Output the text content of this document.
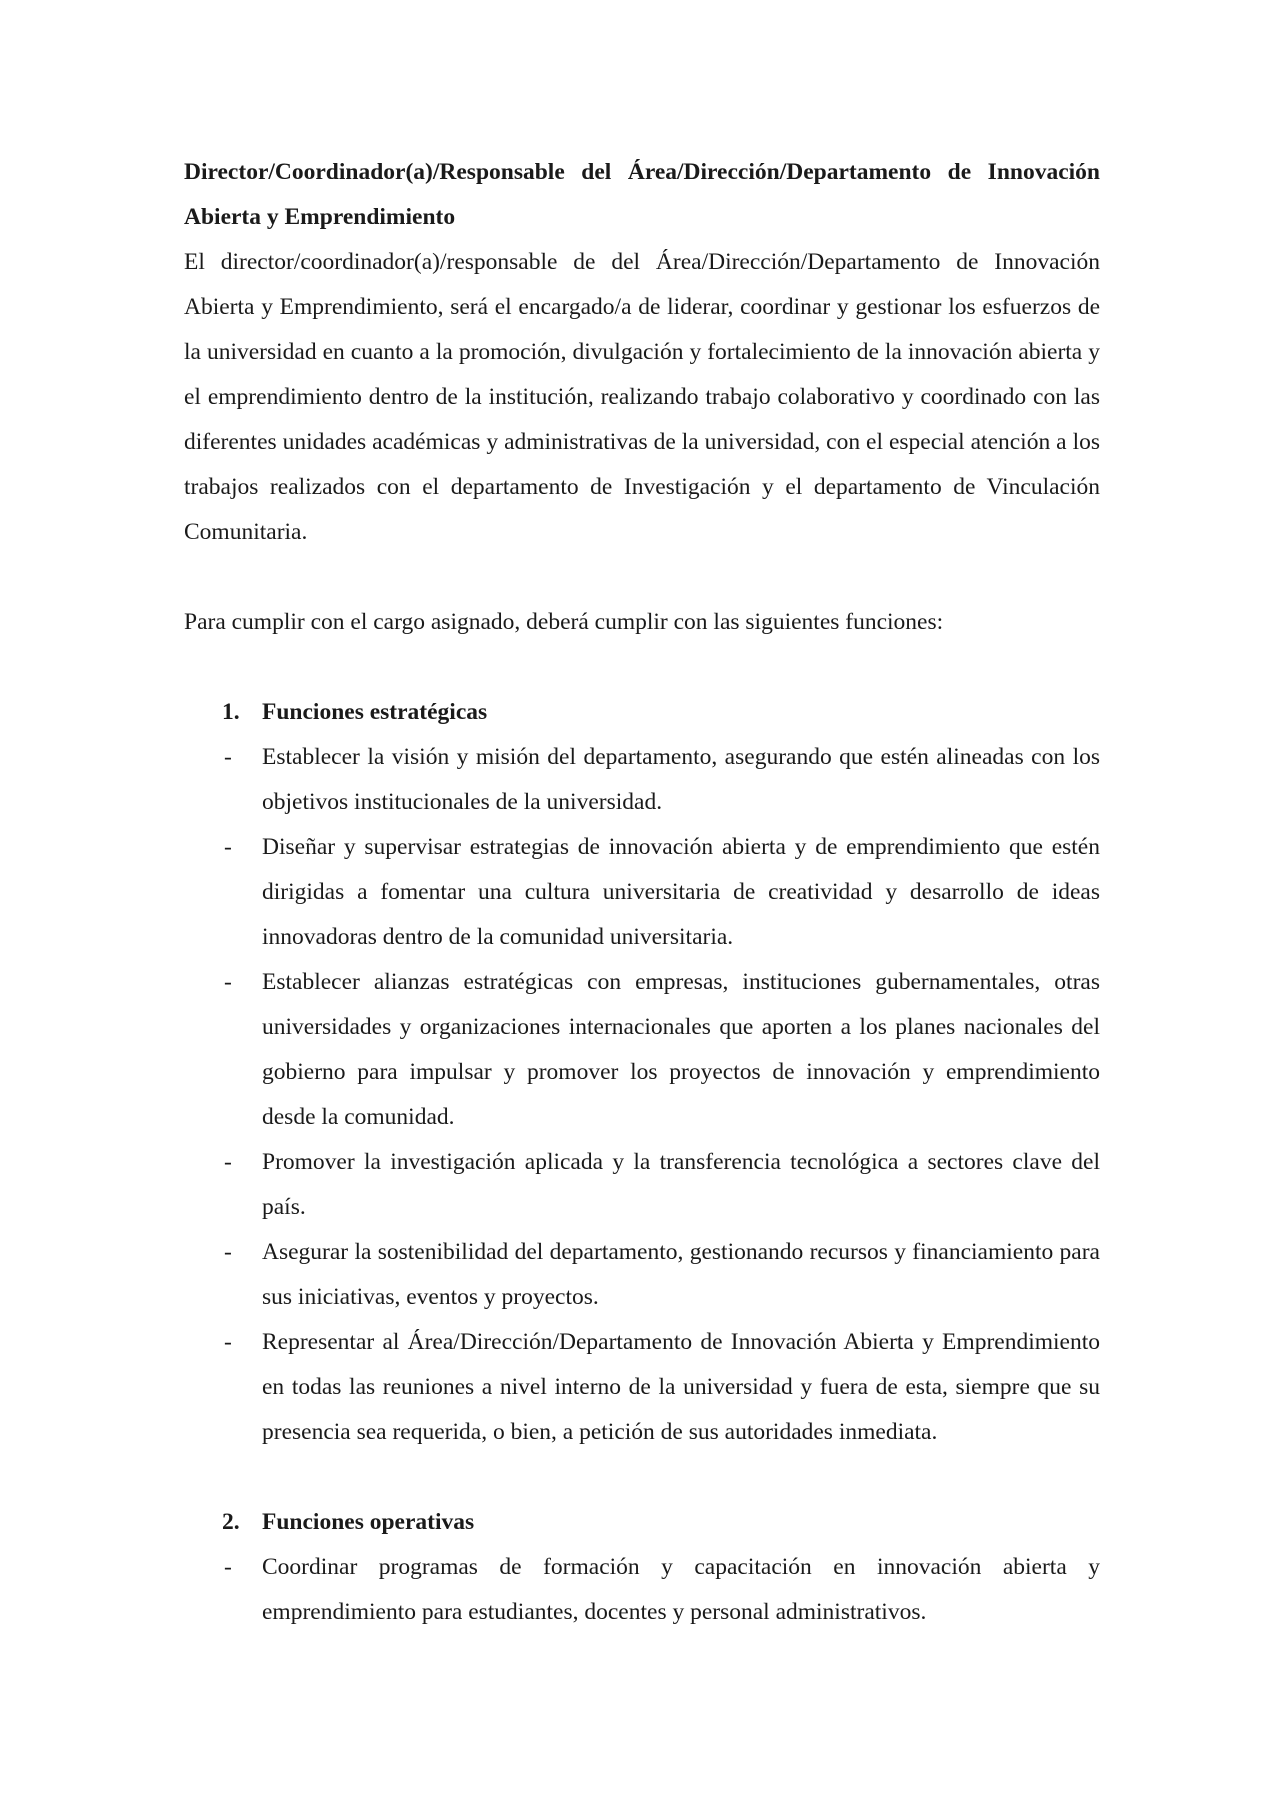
Director/Coordinador(a)/Responsable del Área/Dirección/Departamento de Innovación Abierta y Emprendimiento

El director/coordinador(a)/responsable de del Área/Dirección/Departamento de Innovación Abierta y Emprendimiento, será el encargado/a de liderar, coordinar y gestionar los esfuerzos de la universidad en cuanto a la promoción, divulgación y fortalecimiento de la innovación abierta y el emprendimiento dentro de la institución, realizando trabajo colaborativo y coordinado con las diferentes unidades académicas y administrativas de la universidad, con el especial atención a los trabajos realizados con el departamento de Investigación y el departamento de Vinculación Comunitaria.

Para cumplir con el cargo asignado, deberá cumplir con las siguientes funciones:

1. Funciones estratégicas
- Establecer la visión y misión del departamento, asegurando que estén alineadas con los objetivos institucionales de la universidad.
- Diseñar y supervisar estrategias de innovación abierta y de emprendimiento que estén dirigidas a fomentar una cultura universitaria de creatividad y desarrollo de ideas innovadoras dentro de la comunidad universitaria.
- Establecer alianzas estratégicas con empresas, instituciones gubernamentales, otras universidades y organizaciones internacionales que aporten a los planes nacionales del gobierno para impulsar y promover los proyectos de innovación y emprendimiento desde la comunidad.
- Promover la investigación aplicada y la transferencia tecnológica a sectores clave del país.
- Asegurar la sostenibilidad del departamento, gestionando recursos y financiamiento para sus iniciativas, eventos y proyectos.
- Representar al Área/Dirección/Departamento de Innovación Abierta y Emprendimiento en todas las reuniones a nivel interno de la universidad y fuera de esta, siempre que su presencia sea requerida, o bien, a petición de sus autoridades inmediata.
2. Funciones operativas
- Coordinar programas de formación y capacitación en innovación abierta y emprendimiento para estudiantes, docentes y personal administrativos.
